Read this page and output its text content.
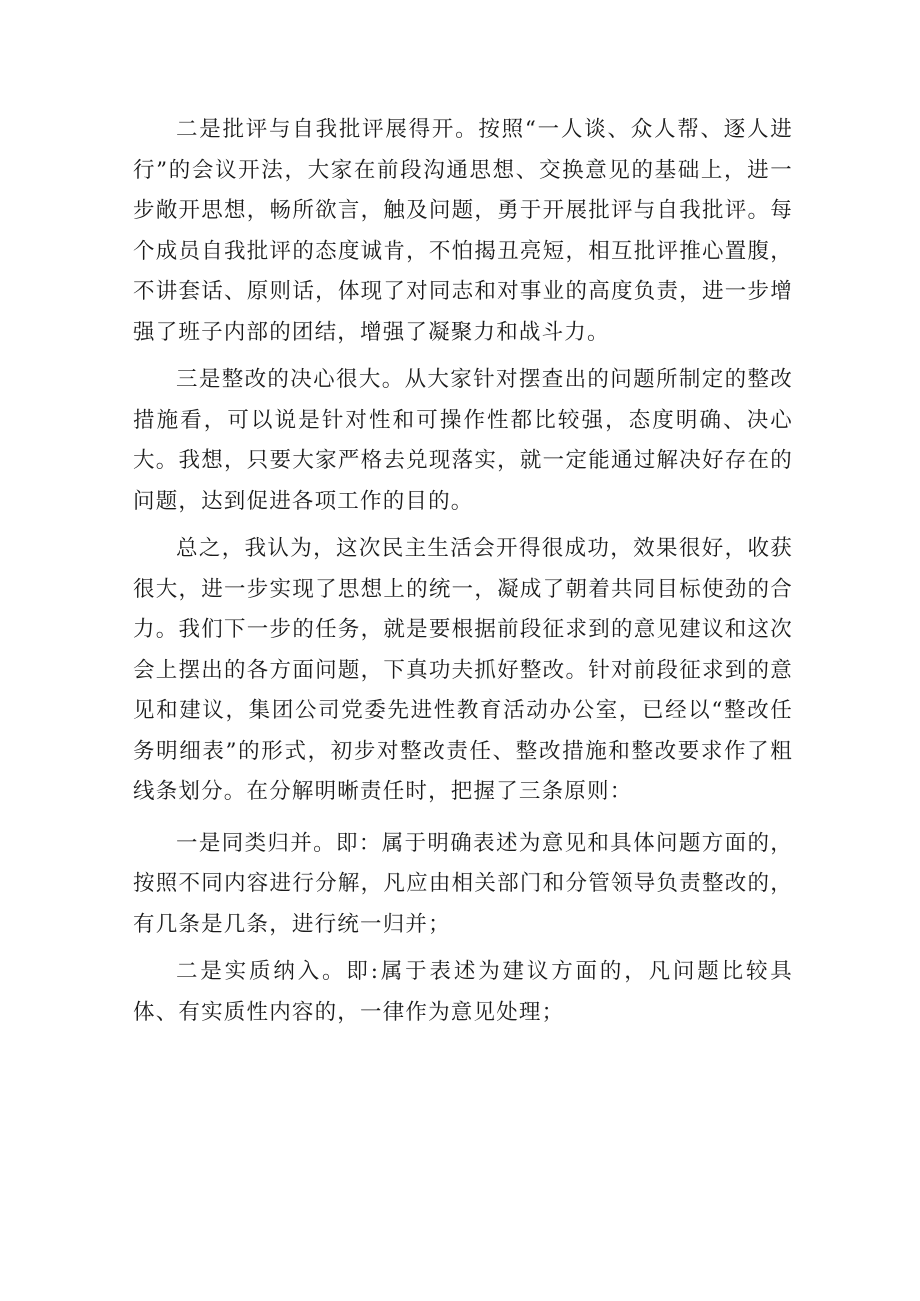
二是批评与自我批评展得开。按照“一人谈、众人帮、逐人进行”的会议开法，大家在前段沟通思想、交换意见的基础上，进一步敞开思想，畅所欲言，触及问题，勇于开展批评与自我批评。每个成员自我批评的态度诚肯，不怕揭丑亮短，相互批评推心置腹，不讲套话、原则话，体现了对同志和对事业的高度负责，进一步增强了班子内部的团结，增强了凝聚力和战斗力。

三是整改的决心很大。从大家针对摆查出的问题所制定的整改措施看，可以说是针对性和可操作性都比较强，态度明确、决心大。我想，只要大家严格去兑现落实，就一定能通过解决好存在的问题，达到促进各项工作的目的。

总之，我认为，这次民主生活会开得很成功，效果很好，收获很大，进一步实现了思想上的统一，凝成了朝着共同目标使劲的合力。我们下一步的任务，就是要根据前段征求到的意见建议和这次会上摆出的各方面问题，下真功夫抓好整改。针对前段征求到的意见和建议，集团公司党委先进性教育活动办公室，已经以“整改任务明细表”的形式，初步对整改责任、整改措施和整改要求作了粗线条划分。在分解明晰责任时，把握了三条原则：

一是同类归并。即：属于明确表述为意见和具体问题方面的，按照不同内容进行分解，凡应由相关部门和分管领导负责整改的，有几条是几条，进行统一归并；

二是实质纳入。即:属于表述为建议方面的，凡问题比较具体、有实质性内容的，一律作为意见处理；
